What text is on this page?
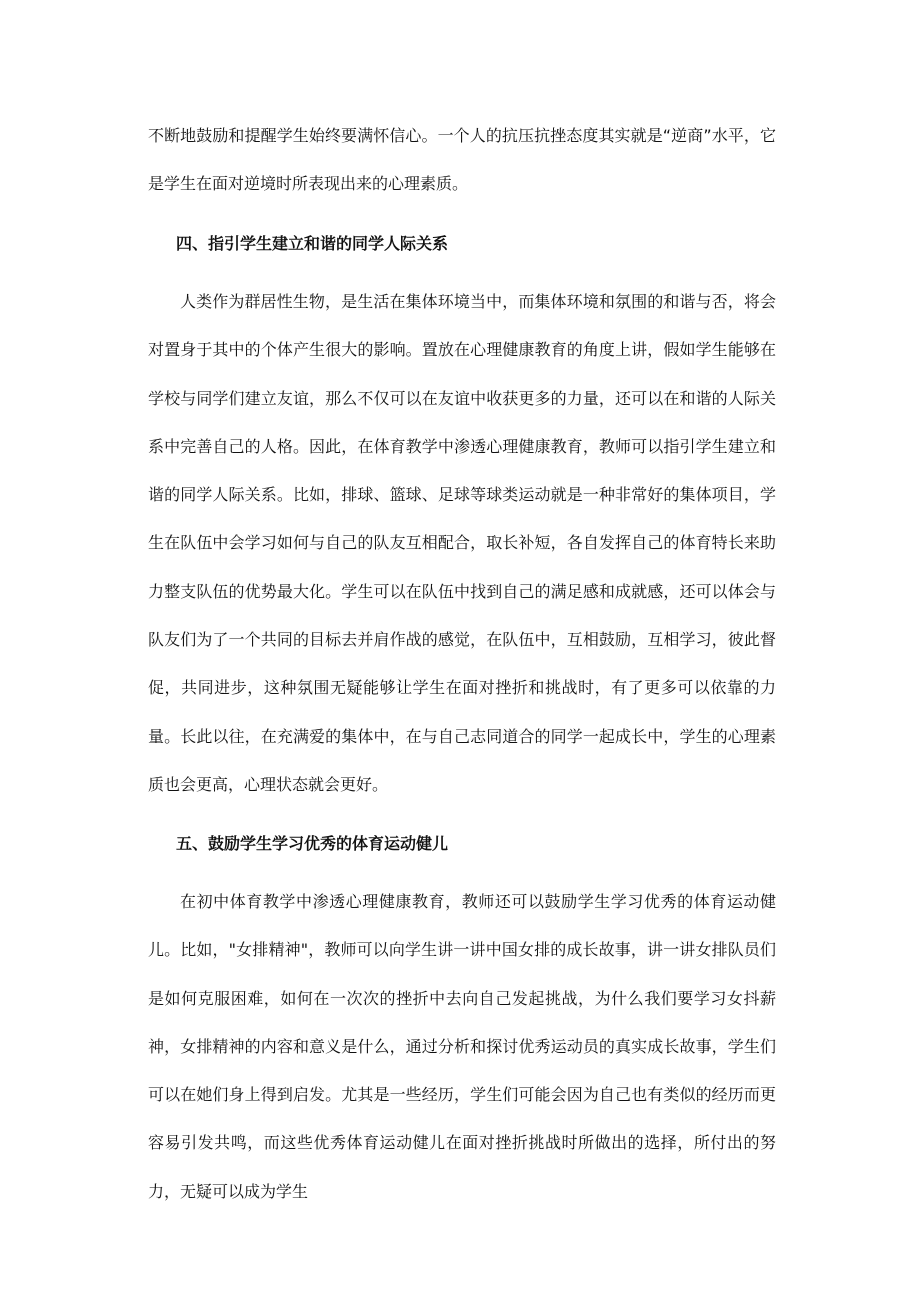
不断地鼓励和提醒学生始终要满怀信心。一个人的抗压抗挫态度其实就是“逆商”水平，它是学生在面对逆境时所表现出来的心理素质。

四、指引学生建立和谐的同学人际关系

人类作为群居性生物，是生活在集体环境当中，而集体环境和氛围的和谐与否，将会对置身于其中的个体产生很大的影响。置放在心理健康教育的角度上讲，假如学生能够在学校与同学们建立友谊，那么不仅可以在友谊中收获更多的力量，还可以在和谐的人际关系中完善自己的人格。因此，在体育教学中渗透心理健康教育，教师可以指引学生建立和谐的同学人际关系。比如，排球、篮球、足球等球类运动就是一种非常好的集体项目，学生在队伍中会学习如何与自己的队友互相配合，取长补短，各自发挥自己的体育特长来助力整支队伍的优势最大化。学生可以在队伍中找到自己的满足感和成就感，还可以体会与队友们为了一个共同的目标去并肩作战的感觉，在队伍中，互相鼓励，互相学习，彼此督促，共同进步，这种氛围无疑能够让学生在面对挫折和挑战时，有了更多可以依靠的力量。长此以往，在充满爱的集体中，在与自己志同道合的同学一起成长中，学生的心理素质也会更高，心理状态就会更好。

五、鼓励学生学习优秀的体育运动健儿

在初中体育教学中渗透心理健康教育，教师还可以鼓励学生学习优秀的体育运动健儿。比如，"女排精神"，教师可以向学生讲一讲中国女排的成长故事，讲一讲女排队员们是如何克服困难，如何在一次次的挫折中去向自己发起挑战，为什么我们要学习女抖薪神，女排精神的内容和意义是什么，通过分析和探讨优秀运动员的真实成长故事，学生们可以在她们身上得到启发。尤其是一些经历，学生们可能会因为自己也有类似的经历而更容易引发共鸣，而这些优秀体育运动健儿在面对挫折挑战时所做出的选择，所付出的努力，无疑可以成为学生
